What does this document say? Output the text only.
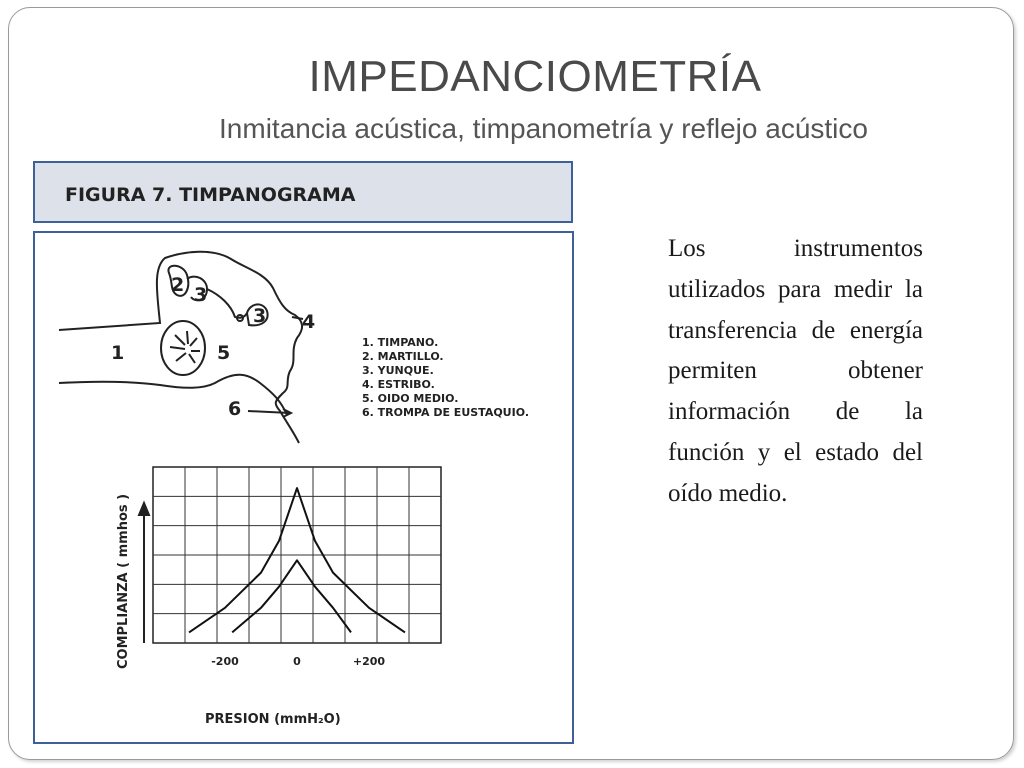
IMPEDANCIOMETRÍA
Inmitancia acústica, timpanometría y reflejo acústico
FIGURA 7. TIMPANOGRAMA
1
2 3
3 4
5
6
1. TIMPANO.
2. MARTILLO.
3. YUNQUE.
4. ESTRIBO.
5. OIDO MEDIO.
6. TROMPA DE EUSTAQUIO.
-200	0	+200
COMPLIANZA ( mmhos )
PRESION (mmH₂O)
Los instrumentos utilizados para medir la transferencia de energía permiten obtener información de la función y el estado del oído medio.
